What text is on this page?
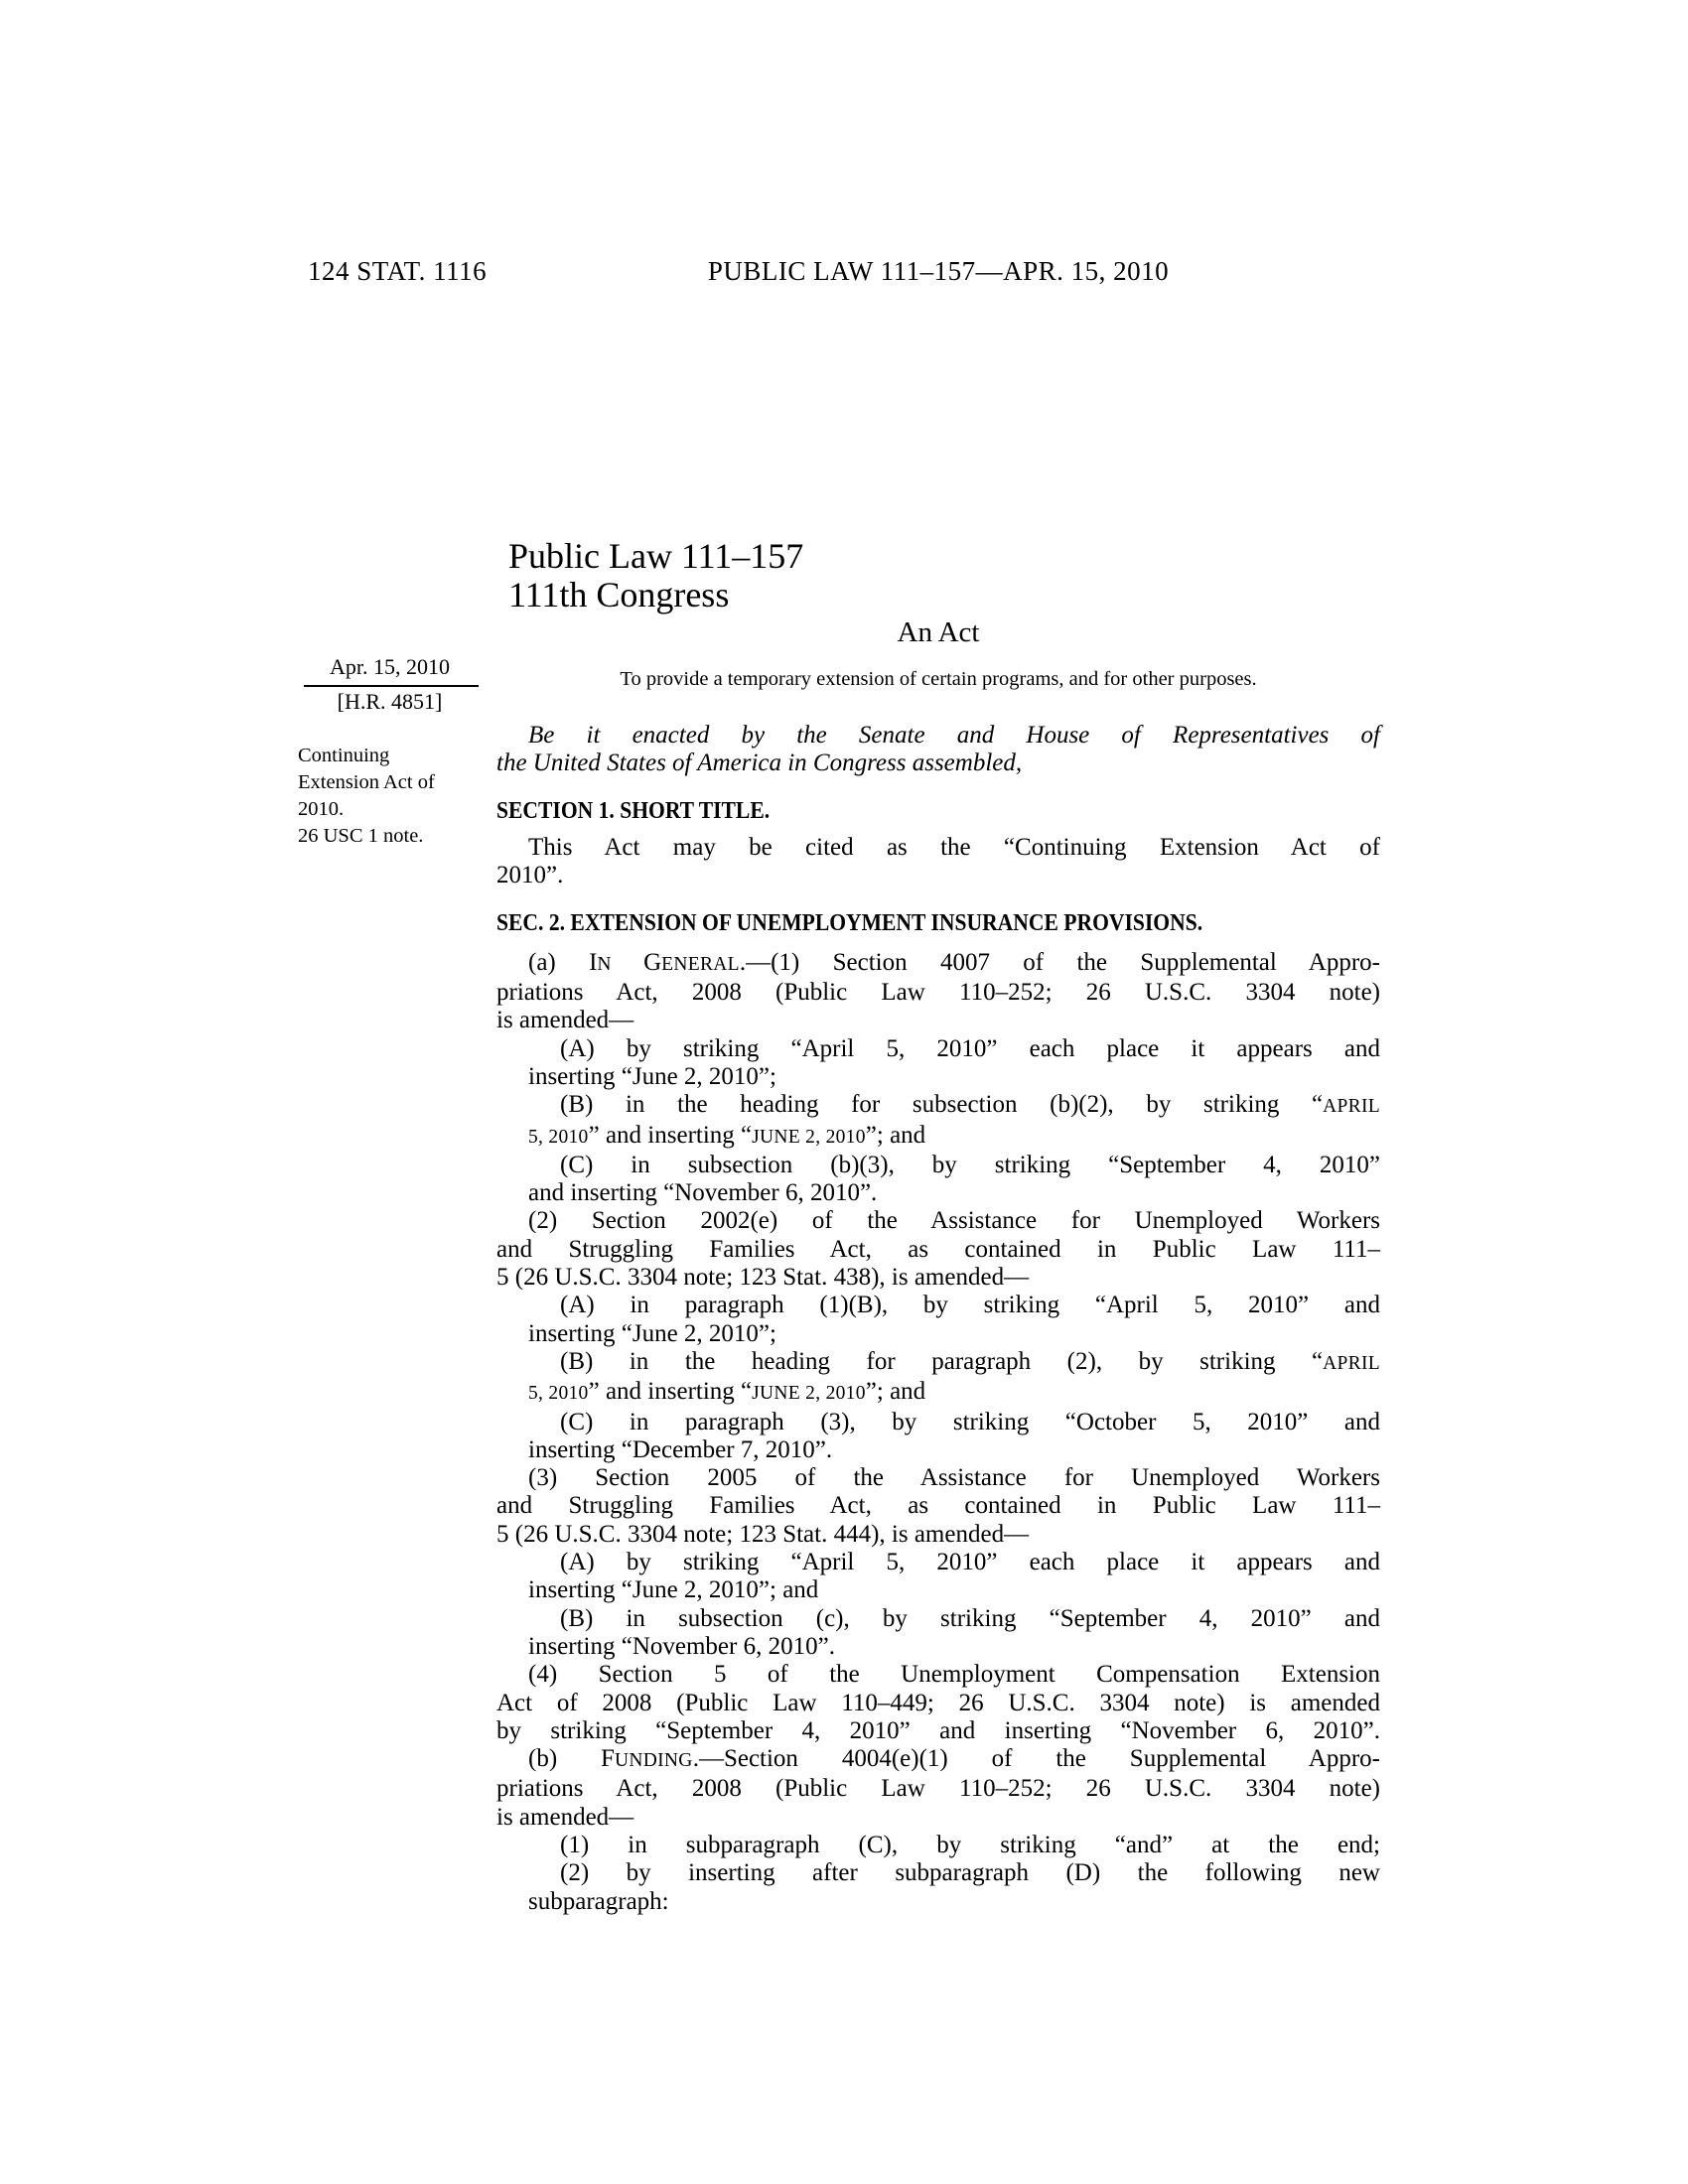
124 STAT. 1116	PUBLIC LAW 111–157—APR. 15, 2010
Public Law 111–157
111th Congress
An Act
To provide a temporary extension of certain programs, and for other purposes.
Apr. 15, 2010
[H.R. 4851]
Continuing
Extension Act of
2010.
26 USC 1 note.
Be it enacted by the Senate and House of Representatives of
the United States of America in Congress assembled,
SECTION 1. SHORT TITLE.
This Act may be cited as the “Continuing Extension Act of
2010”.
SEC. 2. EXTENSION OF UNEMPLOYMENT INSURANCE PROVISIONS.
(a) IN GENERAL.—(1) Section 4007 of the Supplemental Appro-
priations Act, 2008 (Public Law 110–252; 26 U.S.C. 3304 note)
is amended—
(A) by striking “April 5, 2010” each place it appears and
inserting “June 2, 2010”;
(B) in the heading for subsection (b)(2), by striking “APRIL
5, 2010” and inserting “JUNE 2, 2010”; and
(C) in subsection (b)(3), by striking “September 4, 2010”
and inserting “November 6, 2010”.
(2) Section 2002(e) of the Assistance for Unemployed Workers
and Struggling Families Act, as contained in Public Law 111–
5 (26 U.S.C. 3304 note; 123 Stat. 438), is amended—
(A) in paragraph (1)(B), by striking “April 5, 2010” and
inserting “June 2, 2010”;
(B) in the heading for paragraph (2), by striking “APRIL
5, 2010” and inserting “JUNE 2, 2010”; and
(C) in paragraph (3), by striking “October 5, 2010” and
inserting “December 7, 2010”.
(3) Section 2005 of the Assistance for Unemployed Workers
and Struggling Families Act, as contained in Public Law 111–
5 (26 U.S.C. 3304 note; 123 Stat. 444), is amended—
(A) by striking “April 5, 2010” each place it appears and
inserting “June 2, 2010”; and
(B) in subsection (c), by striking “September 4, 2010” and
inserting “November 6, 2010”.
(4) Section 5 of the Unemployment Compensation Extension
Act of 2008 (Public Law 110–449; 26 U.S.C. 3304 note) is amended
by striking “September 4, 2010” and inserting “November 6, 2010”.
(b) FUNDING.—Section 4004(e)(1) of the Supplemental Appro-
priations Act, 2008 (Public Law 110–252; 26 U.S.C. 3304 note)
is amended—
(1) in subparagraph (C), by striking “and” at the end;
(2) by inserting after subparagraph (D) the following new
subparagraph:
